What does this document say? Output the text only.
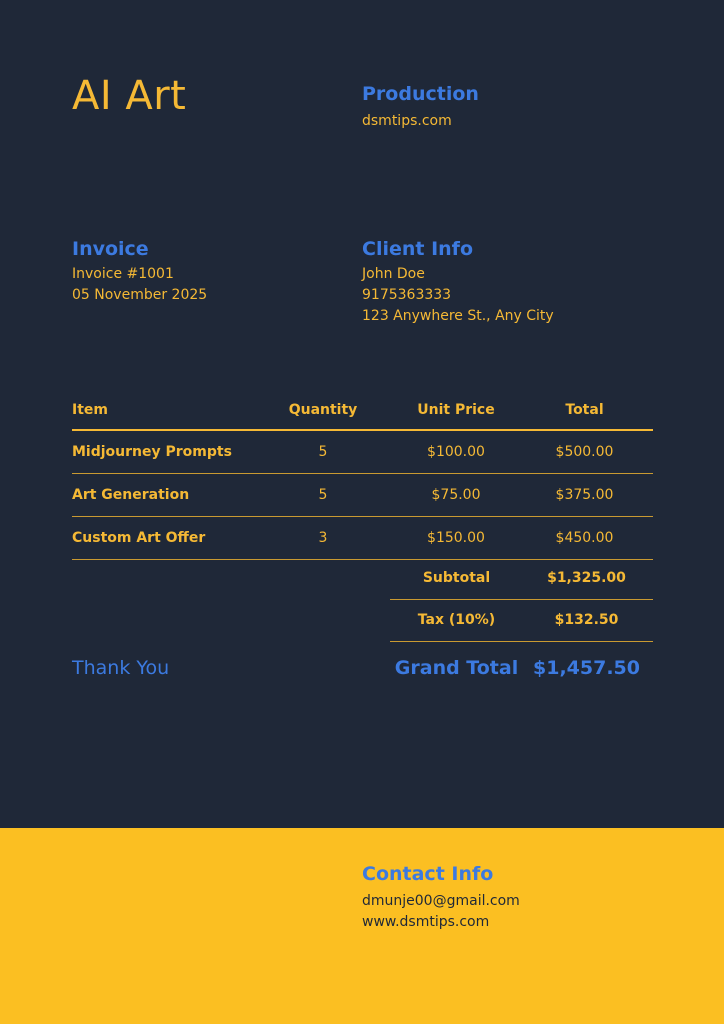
AI Art	Production
dsmtips.com
Invoice
Invoice #1001
05 November 2025
Client Info
John Doe
9175363333
123 Anywhere St., Any City
Item	Quantity	Unit Price	Total
Midjourney Prompts	5	$100.00	$500.00
Art Generation	5	$75.00	$375.00
Custom Art Offer	3	$150.00	$450.00
Subtotal	$1,325.00
Tax (10%)	$132.50
Thank You	Grand Total $1,457.50
Contact Info
dmunje00@gmail.com
www.dsmtips.com
